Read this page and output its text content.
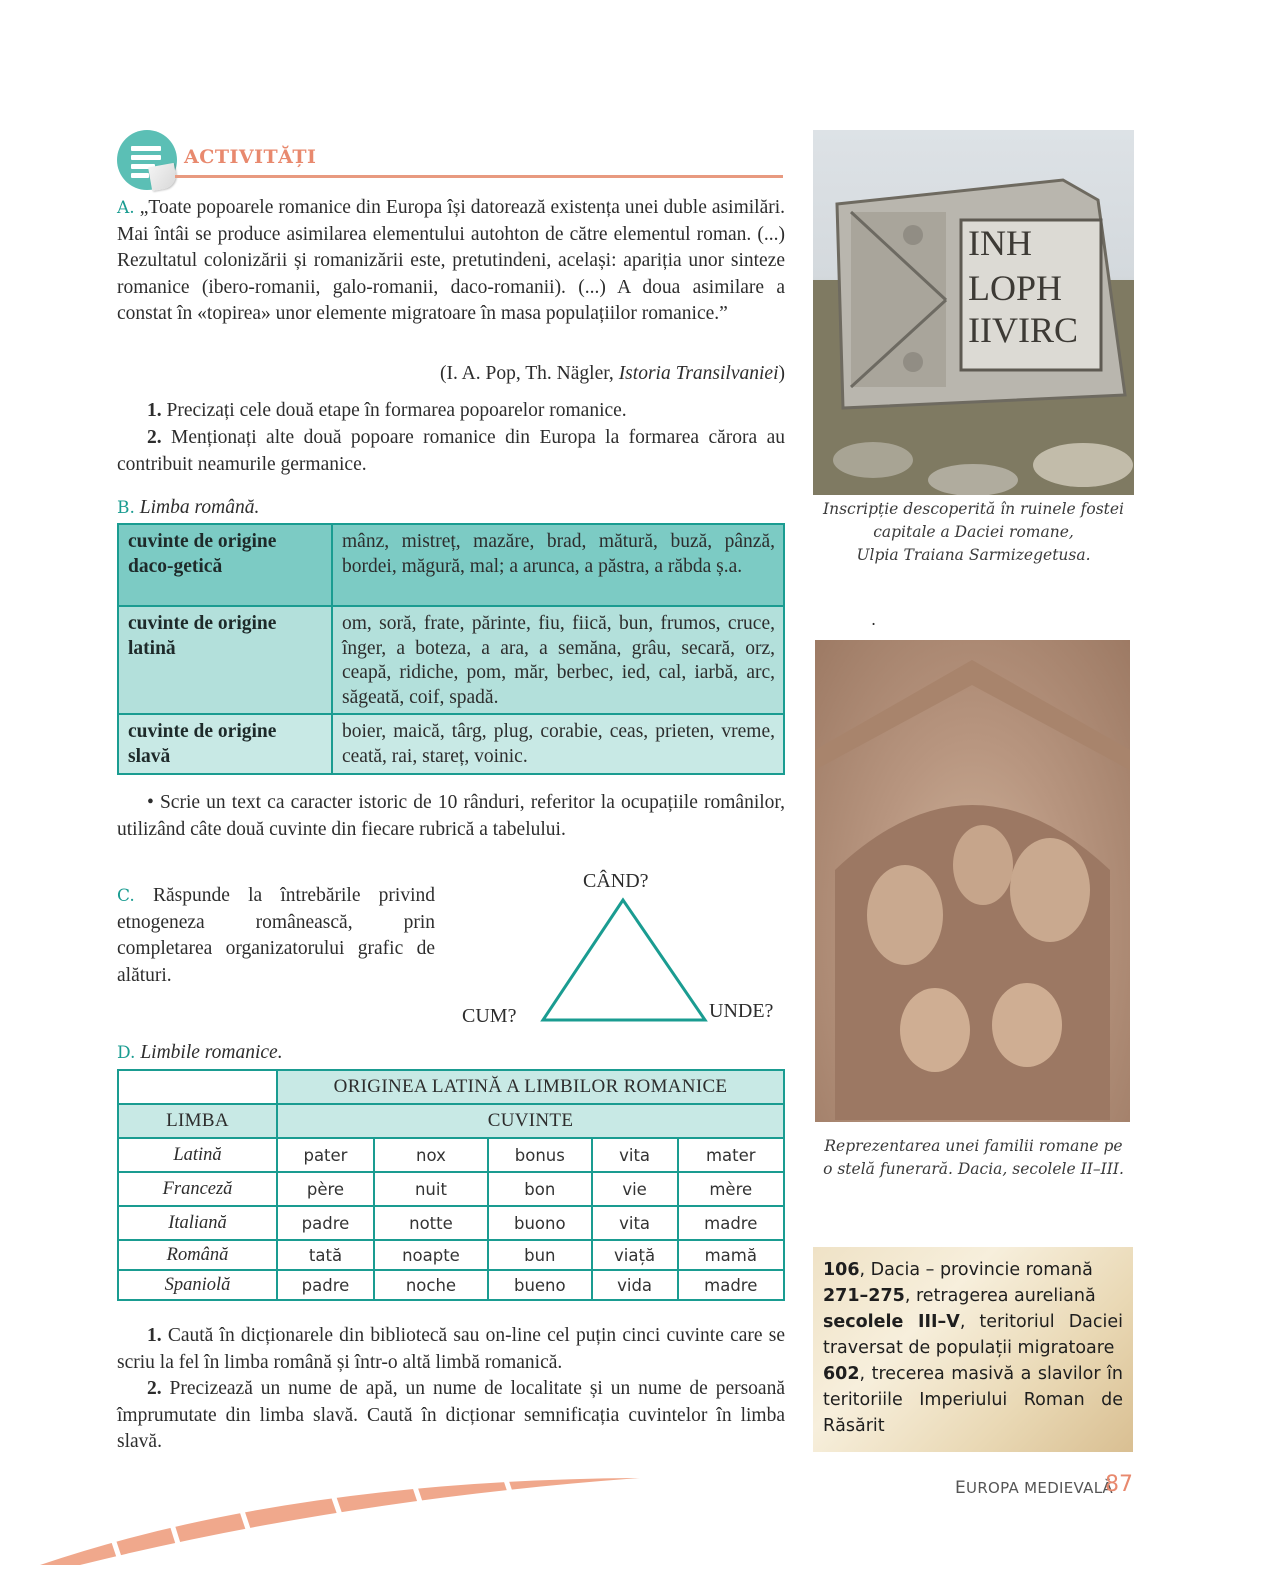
ACTIVITĂȚI
A. „Toate popoarele romanice din Europa își datorează existența unei duble asimilări. Mai întâi se produce asimilarea elementului autohton de către elementul roman. (...) Rezultatul colonizării și romanizării este, pretutindeni, același: apariția unor sinteze romanice (ibero-romanii, galo-romanii, daco-romanii). (...) A doua asimilare a constat în «topirea» unor elemente migratoare în masa populațiilor romanice.”
(I. A. Pop, Th. Nägler, Istoria Transilvaniei)
1. Precizați cele două etape în formarea popoarelor romanice.
2. Menționați alte două popoare romanice din Europa la formarea cărora au contribuit neamurile germanice.
B. Limba română.
cuvinte de origine daco-getică	mânz, mistreț, mazăre, brad, mătură, buză, pânză, bordei, măgură, mal; a arunca, a păstra, a răbda ș.a.
cuvinte de origine latină	om, soră, frate, părinte, fiu, fiică, bun, frumos, cruce, înger, a boteza, a ara, a semăna, grâu, secară, orz, ceapă, ridiche, pom, măr, berbec, ied, cal, iarbă, arc, săgeată, coif, spadă.
cuvinte de origine slavă	boier, maică, târg, plug, corabie, ceas, prieten, vreme, ceată, rai, stareț, voinic.
• Scrie un text ca caracter istoric de 10 rânduri, referitor la ocupațiile românilor, utilizând câte două cuvinte din fiecare rubrică a tabelului.
C. Răspunde la întrebările privind etnogeneza românească, prin completarea organizatorului grafic de alături.
CÂND?
CUM?	UNDE?
D. Limbile romanice.
	ORIGINEA LATINĂ A LIMBILOR ROMANICE				
LIMBA	CUVINTE				
Latină	pater	nox	bonus	vita	mater
Franceză	père	nuit	bon	vie	mère
Italiană	padre	notte	buono	vita	madre
Română	tată	noapte	bun	viață	mamă
Spaniolă	padre	noche	bueno	vida	madre
1. Caută în dicționarele din bibliotecă sau on-line cel puțin cinci cuvinte care se scriu la fel în limba română și într-o altă limbă romanică.
2. Precizează un nume de apă, un nume de localitate și un nume de persoană împrumutate din limba slavă. Caută în dicționar semnificația cuvintelor în limba slavă.
INH
LOPH
IIVIRC
Inscripție descoperită în ruinele fostei
capitale a Daciei romane,
Ulpia Traiana Sarmizegetusa.
.
Reprezentarea unei familii romane pe
o stelă funerară. Dacia, secolele II–III.
106, Dacia – provincie romană
271–275, retragerea aureliană
secolele III–V, teritoriul Daciei traversat de populații migratoare
602, trecerea masivă a slavilor în teritoriile Imperiului Roman de Răsărit
EUROPA MEDIEVALĂ
87
